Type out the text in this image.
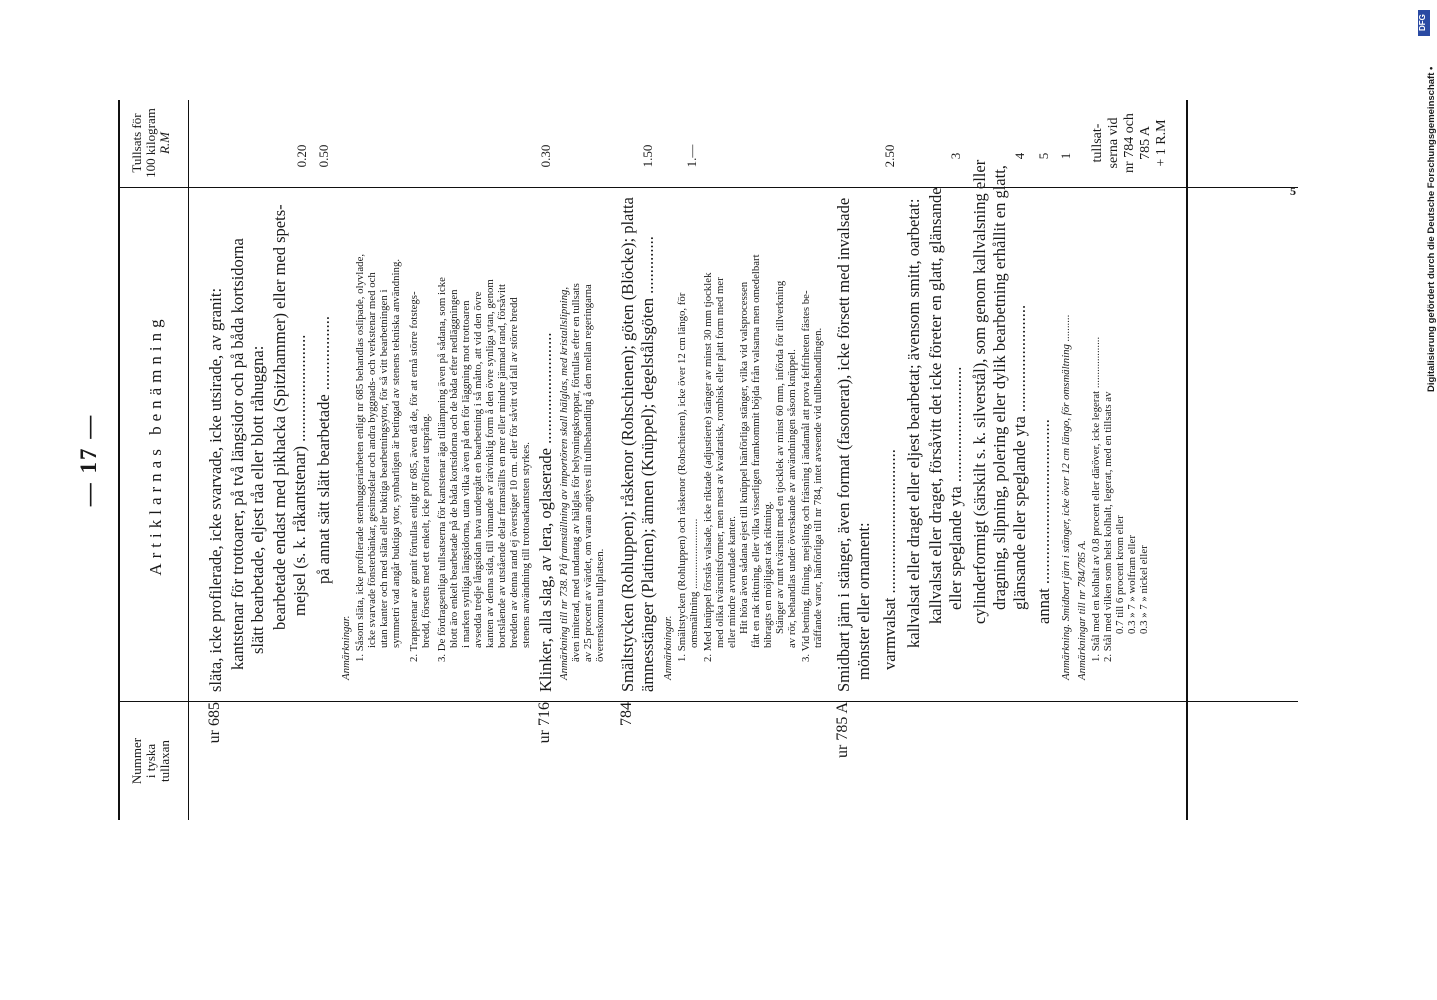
— 17 —
Nummer i tyska tullaxan
Artiklarnas benämning
Tullsats för 100 kilogram R.M
ur 685
släta, icke profilerade, icke svarvade, icke utsirade, av granit: kantstenar för trottoarer, på två längsidor och på båda kortsidorna slätt bearbetade, eljest råa eller blott råhuggna: bearbetade endast med pikhacka (Spitzhammer) eller med spets- mejsel (s. k. råkantstenar) .......................... på annat sätt slätt bearbetade ..................
0.20 0.50
Anmärkningar. 1. Såsom släta, icke profilerade stenhuggeriarbeten enligt nr 685 behandlas oslipade, olyvlade, icke svarvade fönsterbänkar, gesimsdelar och andra byggnads- och verkstenar med och utan kanter och med släta eller buktiga bearbetningsytor, för så vitt bearbetningen i symmetri vad angår buktiga ytor, synbarligen är betingad av stenens tekniska användning. 2. Trappstenar av granit förtullas enligt nr 685, även då de, för att ernå större fotstegs- bredd, försetts med ett enkelt, icke profilerat utsprång. 3. De fördragsenliga tullsatserna för kantstenar äga tillämpning även på sådana, som icke blott äro enkelt bearbetade på de båda kortsidorna och de båda efter nedläggningen i marken synliga längsidorna, utan vilka även på den för läggning mot trottoaren avsedda tredje långsidan hava undergått en bearbetning i så måtto, att vid den övre kanten av denna sida, till vinnande av rätvinklig form å den övre synliga ytan, genom bortslående av utstående delar framställts en mer eller mindre jämnad rand, försåvitt bredden av denna rand ej överstiger 10 cm. eller för såvitt vid fall av större bredd stenens användning till trottoarkantsten styrkes.
ur 716
Klinker, alla slag, av lera, oglaserade ...........................
0.30
Anmärkning till nr 738. På framställning av importören skall hälglas, med kristallslipning, även imiterad, med undantag av hälglas för belysningskroppar, förtullas efter en tullsats av 25 procent av värdet, om varan angives till tullbehandling å den mellan regeringarna överenskomna tullplatsen.
784
Smältstycken (Rohluppen); råskenor (Rohschienen); göten (Blöcke); platta ämnesstänger (Platinen); ämnen (Knüppel); degelstålsgöten ..............
1.50
Anmärkningar. 1. Smältstycken (Rohluppen) och råskenor (Rohschienen), icke över 12 cm längo, för omsmältning ..........................
1.—
2. Med knüppel förstås valsade, icke riktade (adjustierte) stänger av minst 30 mm tjocklek med olika tvärsnittsformer, men mest av kvadratisk, rombisk eller platt form med mer eller mindre avrundade kanter. Hit höra även sådana ejest till knüppel hänförliga stänger, vilka vid valsprocessen fått en rak riktning, eller vilka visserligen framkommit böjda från valsarna men omedelbart bibragts en möjligast rak riktning. Stänger av runt tvärsnitt med en tjocklek av minst 60 mm, införda för tillverkning av rör, behandlas under överskande av användningen såsom knüppel. 3. Vid betning, filning, mejsling och fräsning i ändamål att prova felfriheten fästes be- träffande varor, hänförliga till nr 784, intet avseende vid tullbehandlingen.
ur 785 A
Smidbart järn i stänger, även format (fasonerat), icke försett med invalsade mönster eller ornament: varmvalsat ...................................
2.50
kallvalsat eller draget eller eljest bearbetat; ävensom smitt, oarbetat: kallvalsat eller draget, försåvitt det icke företer en glatt, glänsande eller speglande yta ............................
3
cylinderformigt (särskilt s. k. silverstål), som genom kallvalsning eller dragning, slipning, polering eller dylik bearbetning erhållit en glatt, glänsande eller speglande yta ..........................
4
annat ........................................
5
Anmärkning. Smidbart järn i stänger, icke över 12 cm längo, för omsmältning ..........
1
Anmärkningar till nr 784/785 A. 1. Stål med en kolhalt av 0.8 procent eller däröver, icke legerat ................... 2. Stål med vilken som helst kolhalt, legerat, med en tillsats av 0.7 till 6 procent krom eller 0.3 » 7 » wolfram eller 0.3 » 7 » nickel eller
tullsat- serna vid nr 784 och 785 A + 1 R.M
5	Digitalisierung gefördert durch die Deutsche Forschungsgemeinschaft •
DFG
